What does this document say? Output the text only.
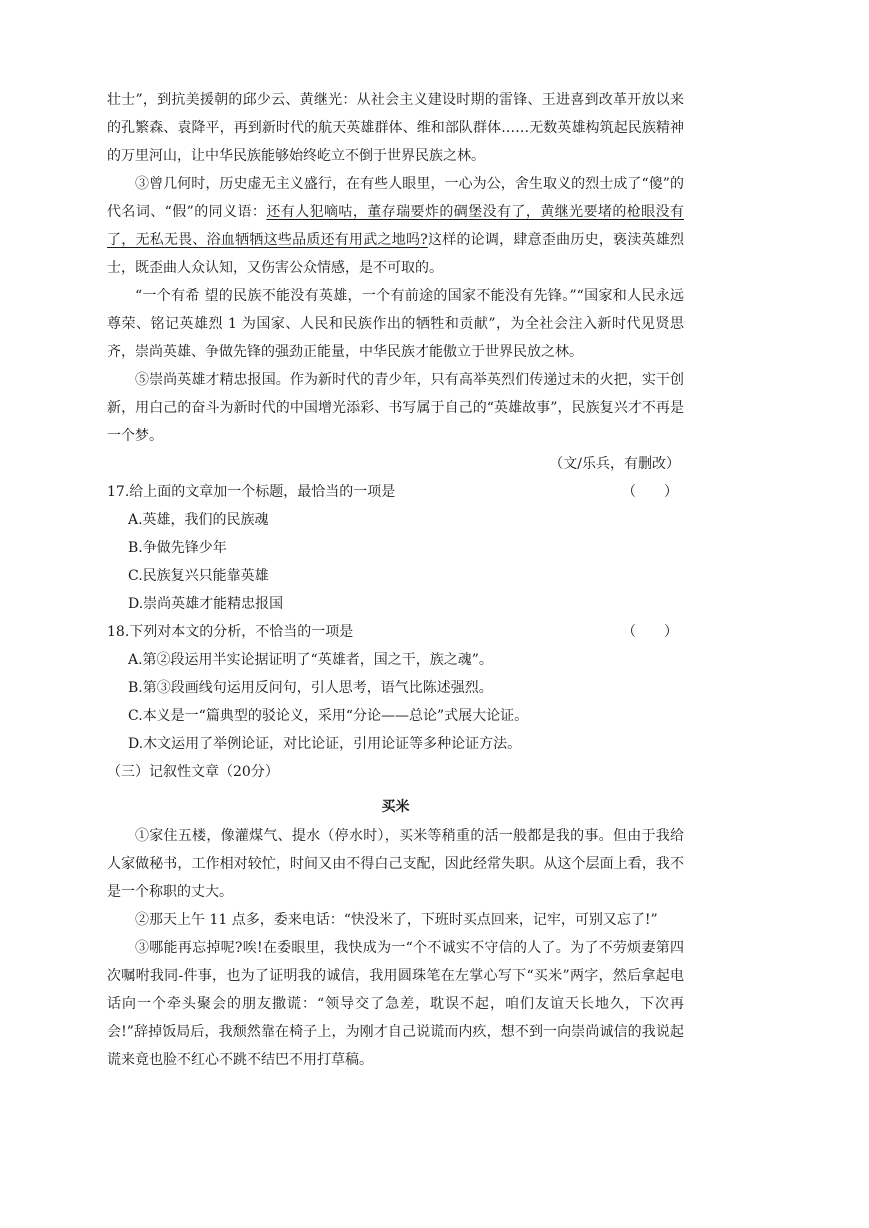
壮士”，到抗美援朝的邱少云、黄继光：从社会主义建设时期的雷锋、王进喜到改革开放以来的孔繁森、袁降平，再到新时代的航天英雄群体、维和部队群体……无数英雄构筑起民族精神的万里河山，让中华民族能够始终屹立不倒于世界民族之林。

③曾几何时，历史虚无主义盛行，在有些人眼里，一心为公，舍生取义的烈士成了“傻”的代名词、“假”的同义语：还有人犯嘀咕，董存瑞要炸的碉堡没有了，黄继光要堵的枪眼没有了，无私无畏、浴血牺牺这些品质还有用武之地吗?这样的论调，肆意歪曲历史，亵渎英雄烈士，既歪曲人众认知，又伤害公众情感，是不可取的。

“一个有希 望的民族不能没有英雄，一个有前途的国家不能没有先锋。”“国家和人民永远尊荣、铭记英雄烈 1 为国家、人民和民族作出的牺牲和贡献”，为全社会注入新时代见贤思齐，崇尚英雄、争做先锋的强劲正能量，中华民族才能傲立于世界民放之林。

⑤崇尚英雄才精忠报国。作为新时代的青少年，只有高举英烈们传递过未的火把，实干创新，用白己的奋斗为新时代的中国增光添彩、书写属于自己的“英雄故事”，民族复兴才不再是一个梦。

（文/乐兵，有删改）

17.给上面的文章加一个标题，最恰当的一项是	（　　）
A.英雄，我们的民族魂
B.争做先锋少年
C.民族复兴只能靠英雄
D.崇尚英雄才能精忠报国
18.下列对本文的分析，不恰当的一项是	（　　）
A.第②段运用半实论据证明了“英雄者，国之干，族之魂”。
B.第③段画线句运用反问句，引人思考，语气比陈述强烈。
C.本义是一“篇典型的驳论义，采用“分论——总论”式展大论证。
D.木文运用了举例论证，对比论证，引用论证等多种论证方法。
（三）记叙性文章（20分）
买米

①家住五楼，像灌煤气、提水（停水时），买米等稍重的活一般都是我的事。但由于我给人家做秘书，工作相对较忙，时间又由不得白己支配，因此经常失职。从这个层面上看，我不是一个称职的丈大。

②那天上午 11 点多，委来电话：“快没米了，下班时买点回来，记牢，可别又忘了!”

③哪能再忘掉呢?唉!在委眼里，我快成为一“个不诚实不守信的人了。为了不劳烦妻第四次嘱咐我同-件事，也为了证明我的诚信，我用圆珠笔在左掌心写下“买米”两字，然后拿起电话向一个牵头聚会的朋友撒谎：“领导交了急差，耽误不起，咱们友谊天长地久，下次再会!”辞掉饭局后，我颓然靠在椅子上，为刚才自己说谎而内疚，想不到一向崇尚诚信的我说起谎来竟也脸不红心不跳不结巴不用打草稿。
